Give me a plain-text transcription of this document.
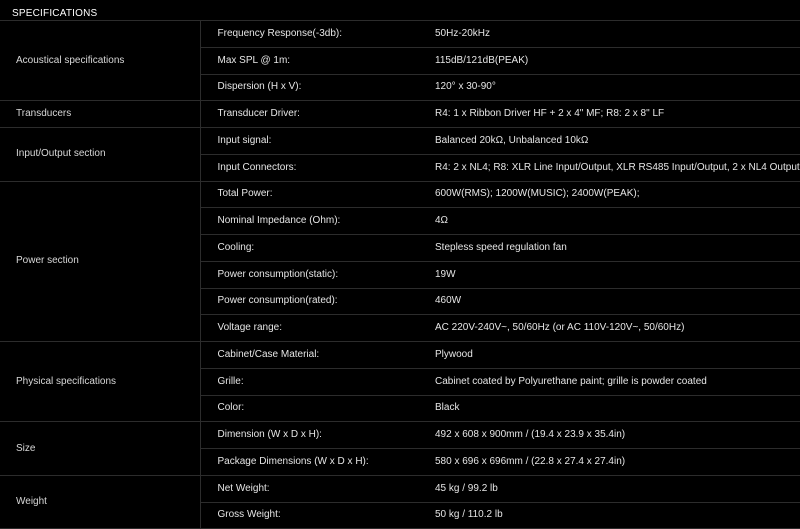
SPECIFICATIONS
Acoustical specifications	Frequency Response(-3db):	50Hz-20kHz
	Max SPL @ 1m:	115dB/121dB(PEAK)
	Dispersion (H x V):	120° x 30-90°
Transducers	Transducer Driver:	R4: 1 x Ribbon Driver HF + 2 x 4" MF; R8: 2 x 8" LF
Input/Output section	Input signal:	Balanced 20kΩ, Unbalanced 10kΩ
	Input Connectors:	R4: 2 x NL4; R8: XLR Line Input/Output, XLR RS485 Input/Output, 2 x NL4 Output
Power section	Total Power:	600W(RMS); 1200W(MUSIC); 2400W(PEAK);
	Nominal Impedance (Ohm):	4Ω
	Cooling:	Stepless speed regulation fan
	Power consumption(static):	19W
	Power consumption(rated):	460W
	Voltage range:	AC 220V-240V~, 50/60Hz (or AC 110V-120V~, 50/60Hz)
Physical specifications	Cabinet/Case Material:	Plywood
	Grille:	Cabinet coated by Polyurethane paint; grille is powder coated
	Color:	Black
Size	Dimension (W x D x H):	492 x 608 x 900mm / (19.4 x 23.9 x 35.4in)
	Package Dimensions (W x D x H):	580 x 696 x 696mm / (22.8 x 27.4 x 27.4in)
Weight	Net Weight:	45 kg / 99.2 lb
	Gross Weight:	50 kg / 110.2 lb
